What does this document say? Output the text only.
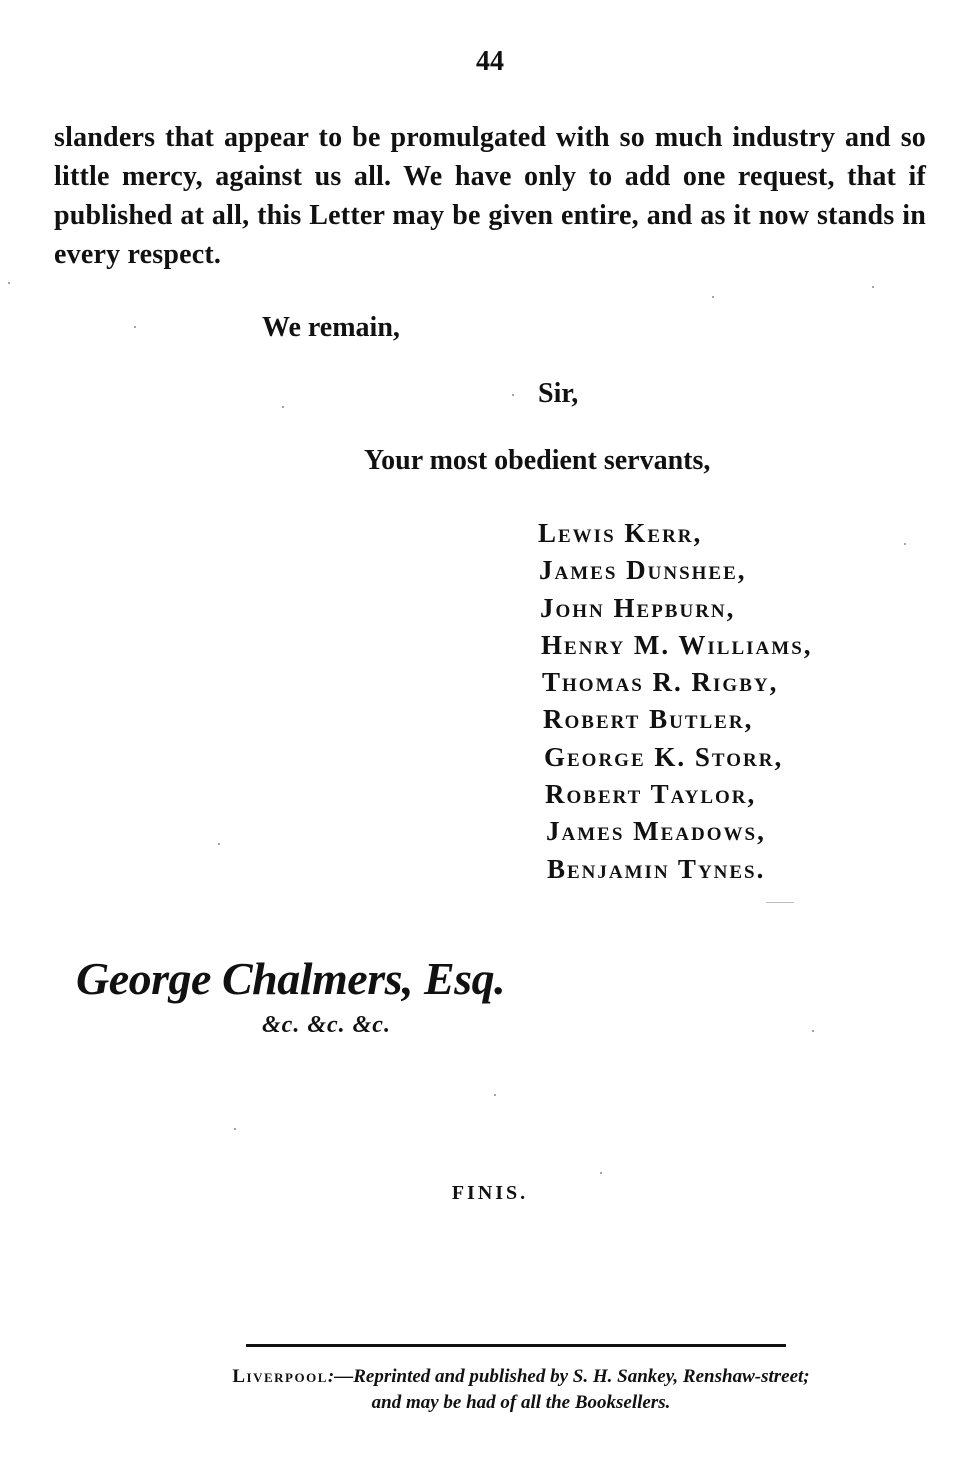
44
slanders that appear to be promulgated with so much industry and so little mercy, against us all. We have only to add one request, that if published at all, this Letter may be given entire, and as it now stands in every respect.
We remain,
Sir,
Your most obedient servants,
Lewis Kerr,
James Dunshee,
John Hepburn,
Henry M. Williams,
Thomas R. Rigby,
Robert Butler,
George K. Storr,
Robert Taylor,
James Meadows,
Benjamin Tynes.
George Chalmers, Esq.
&c. &c. &c.
FINIS.
Liverpool:—Reprinted and published by S. H. Sankey, Renshaw-street;
and may be had of all the Booksellers.
